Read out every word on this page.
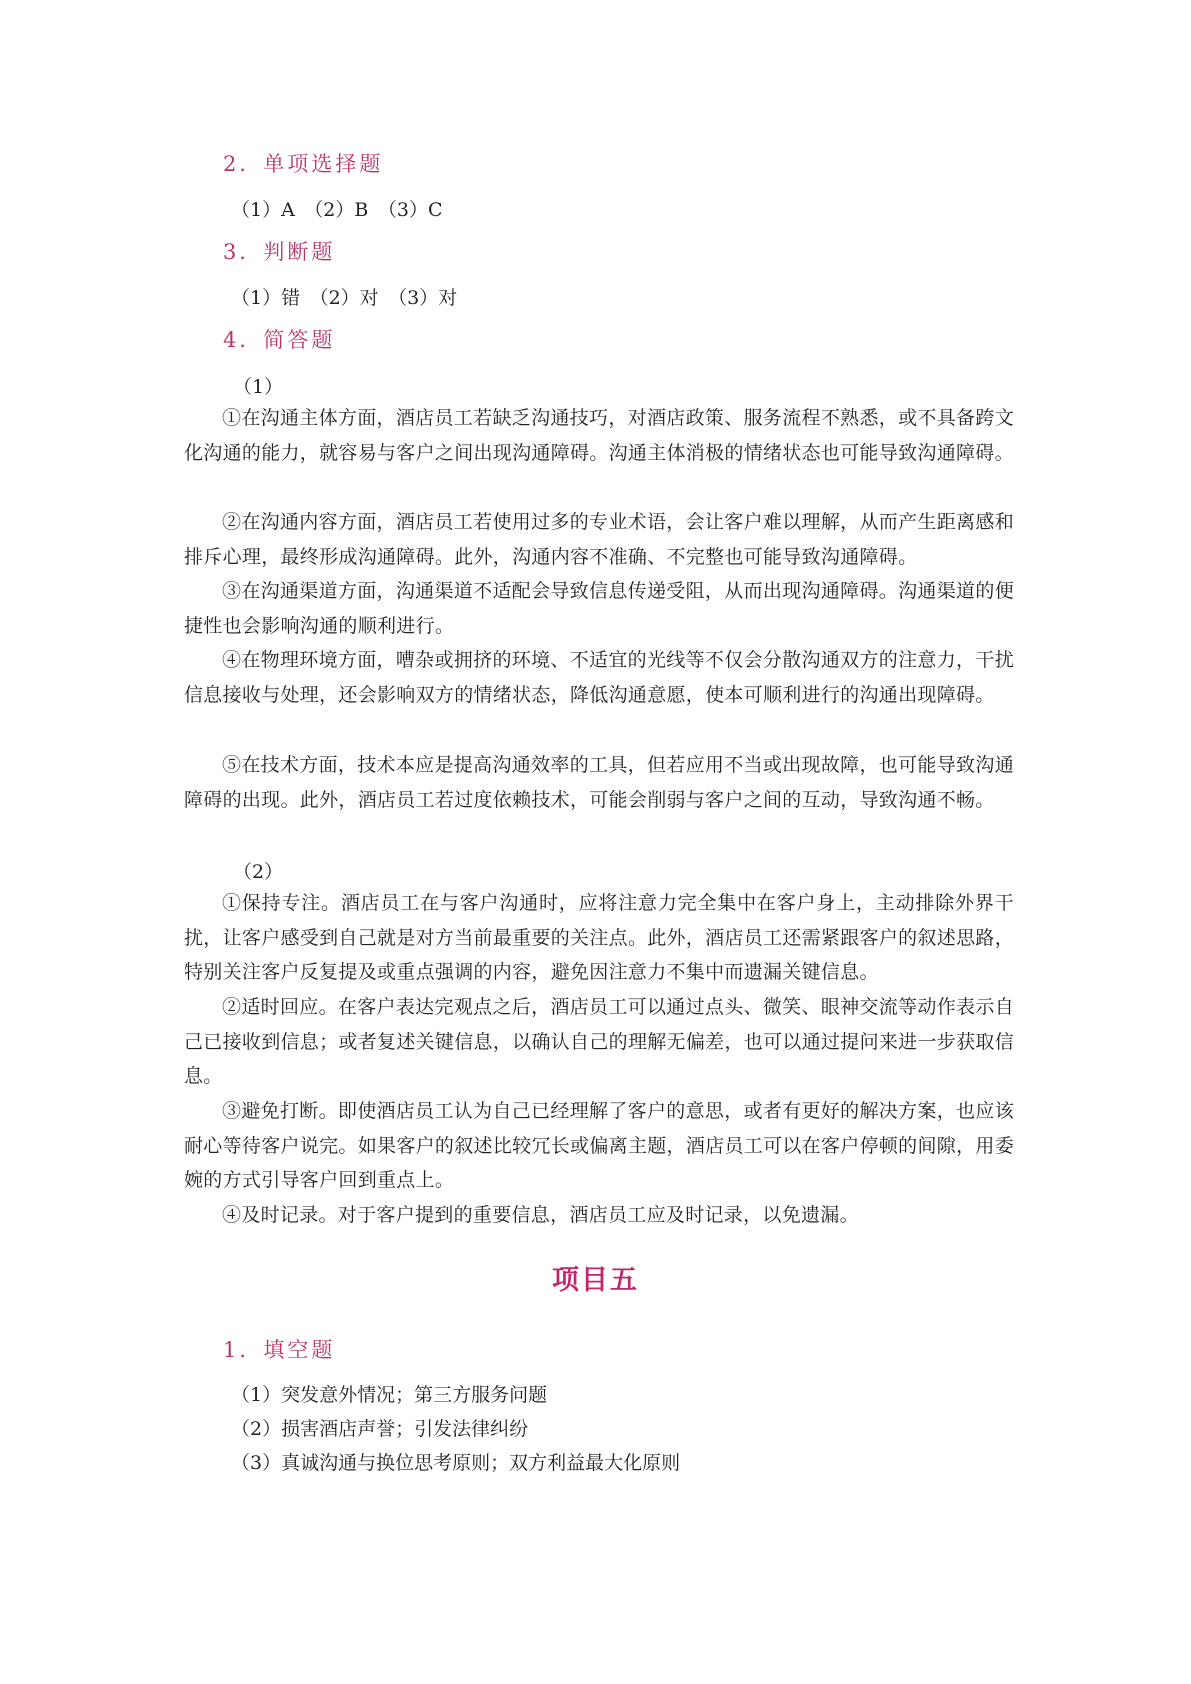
2．单项选择题
（1）A　（2）B　（3）C
3．判断题
（1）错　（2）对　（3）对
4．简答题
（1）
①在沟通主体方面，酒店员工若缺乏沟通技巧，对酒店政策、服务流程不熟悉，或不具备跨文化沟通的能力，就容易与客户之间出现沟通障碍。沟通主体消极的情绪状态也可能导致沟通障碍。
②在沟通内容方面，酒店员工若使用过多的专业术语，会让客户难以理解，从而产生距离感和排斥心理，最终形成沟通障碍。此外，沟通内容不准确、不完整也可能导致沟通障碍。
③在沟通渠道方面，沟通渠道不适配会导致信息传递受阻，从而出现沟通障碍。沟通渠道的便捷性也会影响沟通的顺利进行。
④在物理环境方面，嘈杂或拥挤的环境、不适宜的光线等不仅会分散沟通双方的注意力，干扰信息接收与处理，还会影响双方的情绪状态，降低沟通意愿，使本可顺利进行的沟通出现障碍。
⑤在技术方面，技术本应是提高沟通效率的工具，但若应用不当或出现故障，也可能导致沟通障碍的出现。此外，酒店员工若过度依赖技术，可能会削弱与客户之间的互动，导致沟通不畅。
（2）
①保持专注。酒店员工在与客户沟通时，应将注意力完全集中在客户身上，主动排除外界干扰，让客户感受到自己就是对方当前最重要的关注点。此外，酒店员工还需紧跟客户的叙述思路，特别关注客户反复提及或重点强调的内容，避免因注意力不集中而遗漏关键信息。
②适时回应。在客户表达完观点之后，酒店员工可以通过点头、微笑、眼神交流等动作表示自己已接收到信息；或者复述关键信息，以确认自己的理解无偏差，也可以通过提问来进一步获取信息。
③避免打断。即使酒店员工认为自己已经理解了客户的意思，或者有更好的解决方案，也应该耐心等待客户说完。如果客户的叙述比较冗长或偏离主题，酒店员工可以在客户停顿的间隙，用委婉的方式引导客户回到重点上。
④及时记录。对于客户提到的重要信息，酒店员工应及时记录，以免遗漏。
项目五
1．填空题
（1）突发意外情况；第三方服务问题
（2）损害酒店声誉；引发法律纠纷
（3）真诚沟通与换位思考原则；双方利益最大化原则
